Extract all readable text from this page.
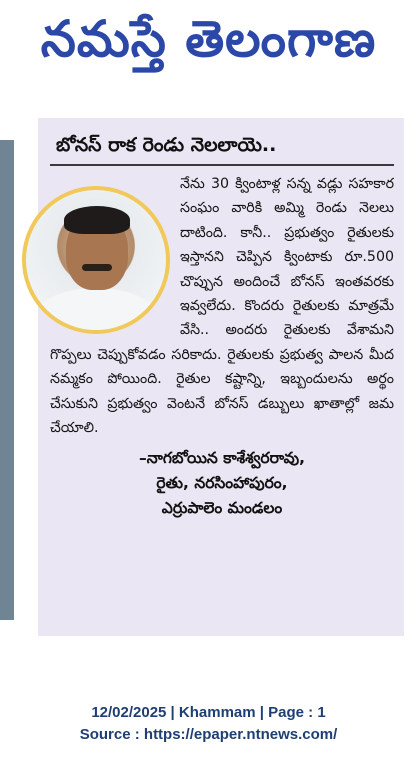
నమస్తే తెలంగాణ
బోనస్ రాక రెండు నెలలాయె..

నేను 30 క్వింటాళ్ల సన్న వడ్లు సహకార సంఘం వారికి అమ్మి రెండు నెలలు దాటింది. కానీ.. ప్రభుత్వం రైతులకు ఇస్తానని చెప్పిన క్వింటాకు రూ.500 చొప్పున అందించే బోనస్ ఇంతవరకు ఇవ్వలేదు. కొందరు రైతులకు మాత్రమే వేసి.. అందరు రైతులకు వేశామని గొప్పలు చెప్పుకోవడం సరికాదు. రైతులకు ప్రభుత్వ పాలన మీద నమ్మకం పోయింది. రైతుల కష్టాన్ని, ఇబ్బందులను అర్థం చేసుకుని ప్రభుత్వం వెంటనే బోనస్ డబ్బులు ఖాతాల్లో జమ చేయాలి.

–నాగబోయిన కాశేశ్వరరావు,
రైతు, నరసింహాపురం,
ఎర్రుపాలెం మండలం
12/02/2025 | Khammam | Page : 1
Source : https://epaper.ntnews.com/
